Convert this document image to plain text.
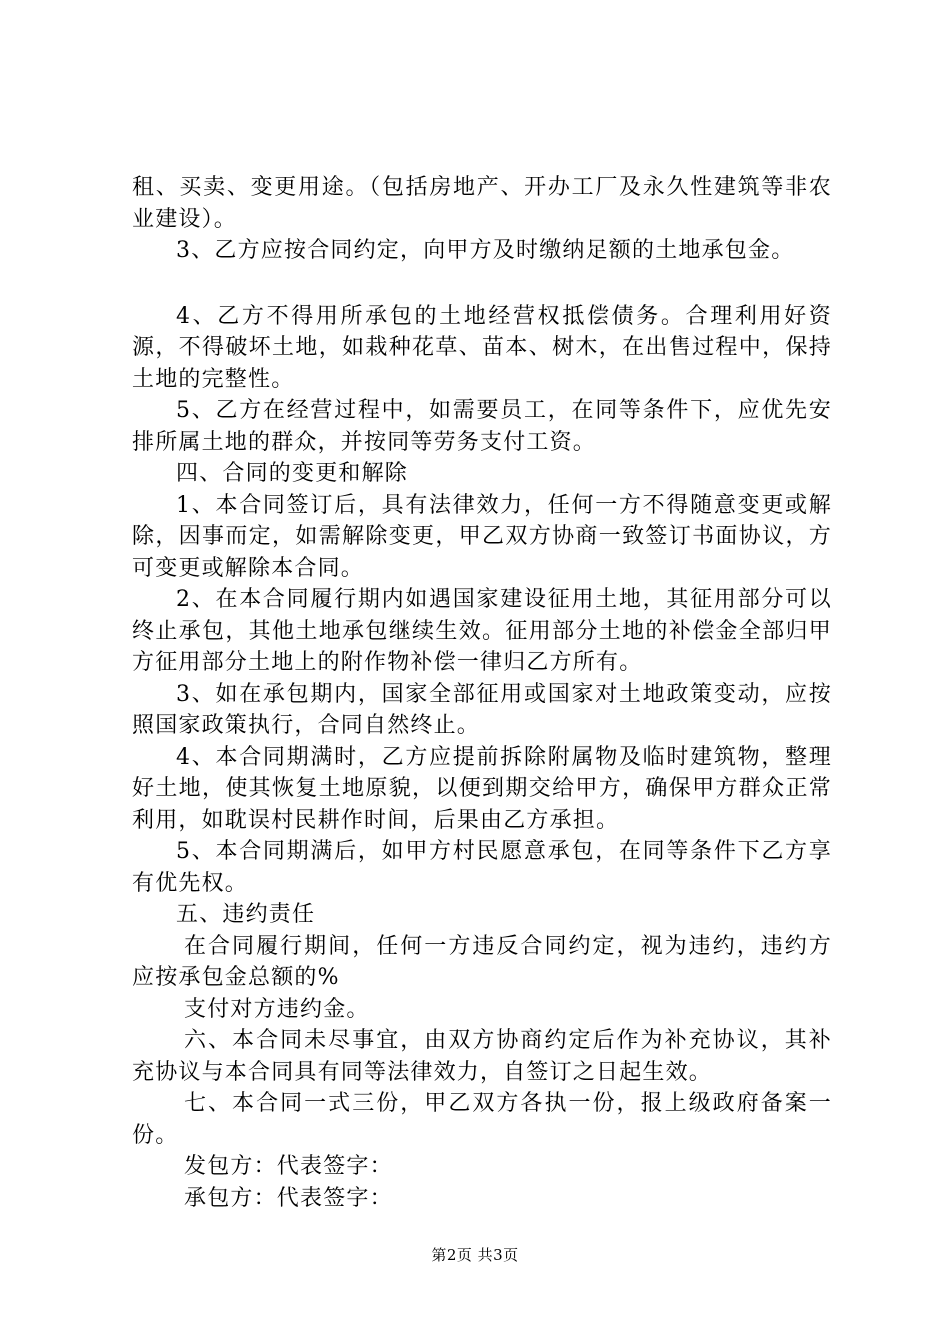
租、买卖、变更用途。（包括房地产、开办工厂及永久性建筑等非农业建设）。

3、乙方应按合同约定，向甲方及时缴纳足额的土地承包金。

4、乙方不得用所承包的土地经营权抵偿债务。合理利用好资源，不得破坏土地，如栽种花草、苗本、树木，在出售过程中，保持土地的完整性。

5、乙方在经营过程中，如需要员工，在同等条件下，应优先安排所属土地的群众，并按同等劳务支付工资。

四、合同的变更和解除

1、本合同签订后，具有法律效力，任何一方不得随意变更或解除，因事而定，如需解除变更，甲乙双方协商一致签订书面协议，方可变更或解除本合同。

2、在本合同履行期内如遇国家建设征用土地，其征用部分可以终止承包，其他土地承包继续生效。征用部分土地的补偿金全部归甲方征用部分土地上的附作物补偿一律归乙方所有。

3、如在承包期内，国家全部征用或国家对土地政策变动，应按照国家政策执行，合同自然终止。

4、本合同期满时，乙方应提前拆除附属物及临时建筑物，整理好土地，使其恢复土地原貌，以便到期交给甲方，确保甲方群众正常利用，如耽误村民耕作时间，后果由乙方承担。

5、本合同期满后，如甲方村民愿意承包，在同等条件下乙方享有优先权。

五、违约责任

在合同履行期间，任何一方违反合同约定，视为违约，违约方应按承包金总额的%

支付对方违约金。

六、本合同未尽事宜，由双方协商约定后作为补充协议，其补充协议与本合同具有同等法律效力，自签订之日起生效。

七、本合同一式三份，甲乙双方各执一份，报上级政府备案一份。

发包方：代表签字：

承包方：代表签字：

第2页 共3页
